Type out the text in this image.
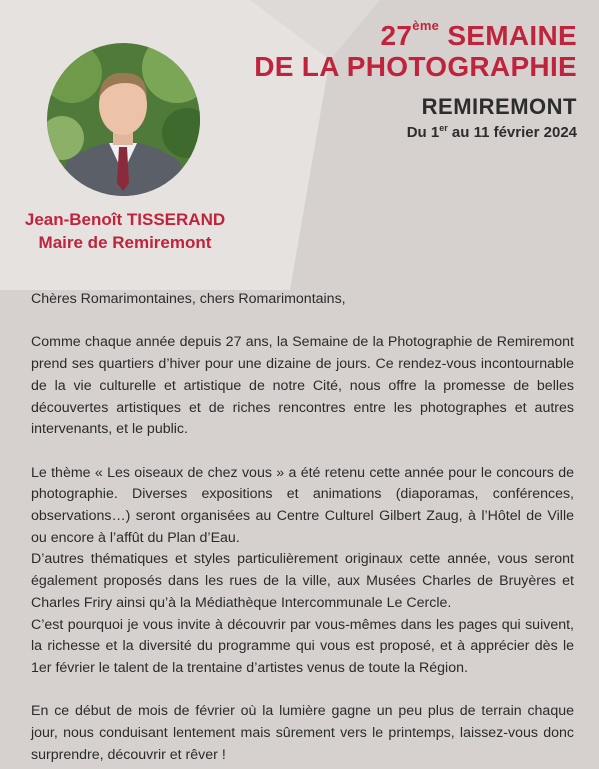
27ème SEMAINE
DE LA PHOTOGRAPHIE
REMIREMONT
Du 1er au 11 février 2024
Jean-Benoît TISSERAND
Maire de Remiremont

Chères Romarimontaines, chers Romarimontains,

Comme chaque année depuis 27 ans, la Semaine de la Photographie de Remiremont prend ses quartiers d’hiver pour une dizaine de jours. Ce rendez-vous incontournable de la vie culturelle et artistique de notre Cité, nous offre la promesse de belles découvertes artistiques et de riches rencontres entre les photographes et autres intervenants, et le public.

Le thème « Les oiseaux de chez vous » a été retenu cette année pour le concours de photographie. Diverses expositions et animations (diaporamas, conférences, observations…) seront organisées au Centre Culturel Gilbert Zaug, à l’Hôtel de Ville ou encore à l’affût du Plan d’Eau.

D’autres thématiques et styles particulièrement originaux cette année, vous seront également proposés dans les rues de la ville, aux Musées Charles de Bruyères et Charles Friry ainsi qu’à la Médiathèque Intercommunale Le Cercle.

C’est pourquoi je vous invite à découvrir par vous-mêmes dans les pages qui suivent, la richesse et la diversité du programme qui vous est proposé, et à apprécier dès le 1er février le talent de la trentaine d’artistes venus de toute la Région.

En ce début de mois de février où la lumière gagne un peu plus de terrain chaque jour, nous conduisant lentement mais sûrement vers le printemps, laissez-vous donc surprendre, découvrir et rêver !
